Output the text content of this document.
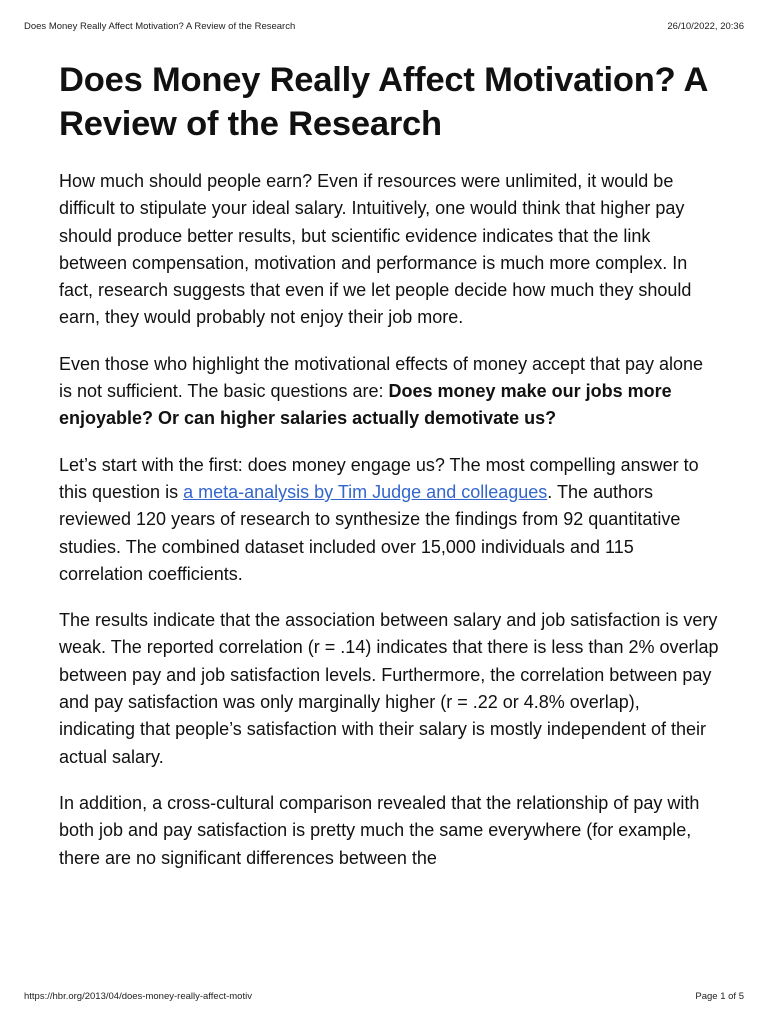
Does Money Really Affect Motivation? A Review of the Research	26/10/2022, 20:36
Does Money Really Affect Motivation? A Review of the Research

How much should people earn? Even if resources were unlimited, it would be difficult to stipulate your ideal salary. Intuitively, one would think that higher pay should produce better results, but scientific evidence indicates that the link between compensation, motivation and performance is much more complex. In fact, research suggests that even if we let people decide how much they should earn, they would probably not enjoy their job more.

Even those who highlight the motivational effects of money accept that pay alone is not sufficient. The basic questions are: Does money make our jobs more enjoyable? Or can higher salaries actually demotivate us?

Let’s start with the first: does money engage us? The most compelling answer to this question is a meta-analysis by Tim Judge and colleagues. The authors reviewed 120 years of research to synthesize the findings from 92 quantitative studies. The combined dataset included over 15,000 individuals and 115 correlation coefficients.

The results indicate that the association between salary and job satisfaction is very weak. The reported correlation (r = .14) indicates that there is less than 2% overlap between pay and job satisfaction levels. Furthermore, the correlation between pay and pay satisfaction was only marginally higher (r = .22 or 4.8% overlap), indicating that people’s satisfaction with their salary is mostly independent of their actual salary.

In addition, a cross-cultural comparison revealed that the relationship of pay with both job and pay satisfaction is pretty much the same everywhere (for example, there are no significant differences between the

https://hbr.org/2013/04/does-money-really-affect-motiv	Page 1 of 5
